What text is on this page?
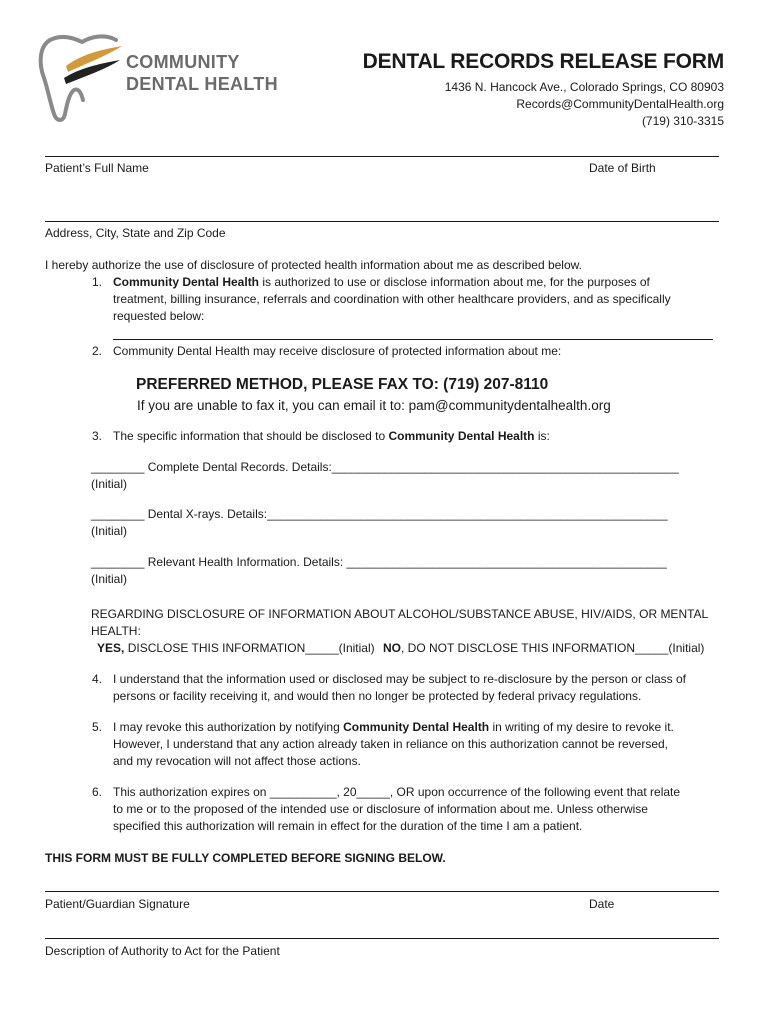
COMMUNITY
DENTAL HEALTH
DENTAL RECORDS RELEASE FORM
1436 N. Hancock Ave., Colorado Springs, CO 80903
Records@CommunityDentalHealth.org
(719) 310-3315
Patient’s Full Name	Date of Birth
Address, City, State and Zip Code
I hereby authorize the use of disclosure of protected health information about me as described below.
1. Community Dental Health is authorized to use or disclose information about me, for the purposes of
treatment, billing insurance, referrals and coordination with other healthcare providers, and as specifically
requested below:
2. Community Dental Health may receive disclosure of protected information about me:
PREFERRED METHOD, PLEASE FAX TO: (719) 207-8110
If you are unable to fax it, you can email it to: pam@communitydentalhealth.org
3. The specific information that should be disclosed to Community Dental Health is:
________ Complete Dental Records. Details:____________________________________________________
(Initial)
________ Dental X-rays. Details:____________________________________________________________
(Initial)
________ Relevant Health Information. Details: ________________________________________________
(Initial)
REGARDING DISCLOSURE OF INFORMATION ABOUT ALCOHOL/SUBSTANCE ABUSE, HIV/AIDS, OR MENTAL
HEALTH:
YES, DISCLOSE THIS INFORMATION_____(Initial) NO, DO NOT DISCLOSE THIS INFORMATION_____(Initial)
4. I understand that the information used or disclosed may be subject to re-disclosure by the person or class of
persons or facility receiving it, and would then no longer be protected by federal privacy regulations.
5. I may revoke this authorization by notifying Community Dental Health in writing of my desire to revoke it.
However, I understand that any action already taken in reliance on this authorization cannot be reversed,
and my revocation will not affect those actions.
6. This authorization expires on __________, 20_____, OR upon occurrence of the following event that relate
to me or to the proposed of the intended use or disclosure of information about me. Unless otherwise
specified this authorization will remain in effect for the duration of the time I am a patient.
THIS FORM MUST BE FULLY COMPLETED BEFORE SIGNING BELOW.
Patient/Guardian Signature	Date
Description of Authority to Act for the Patient
